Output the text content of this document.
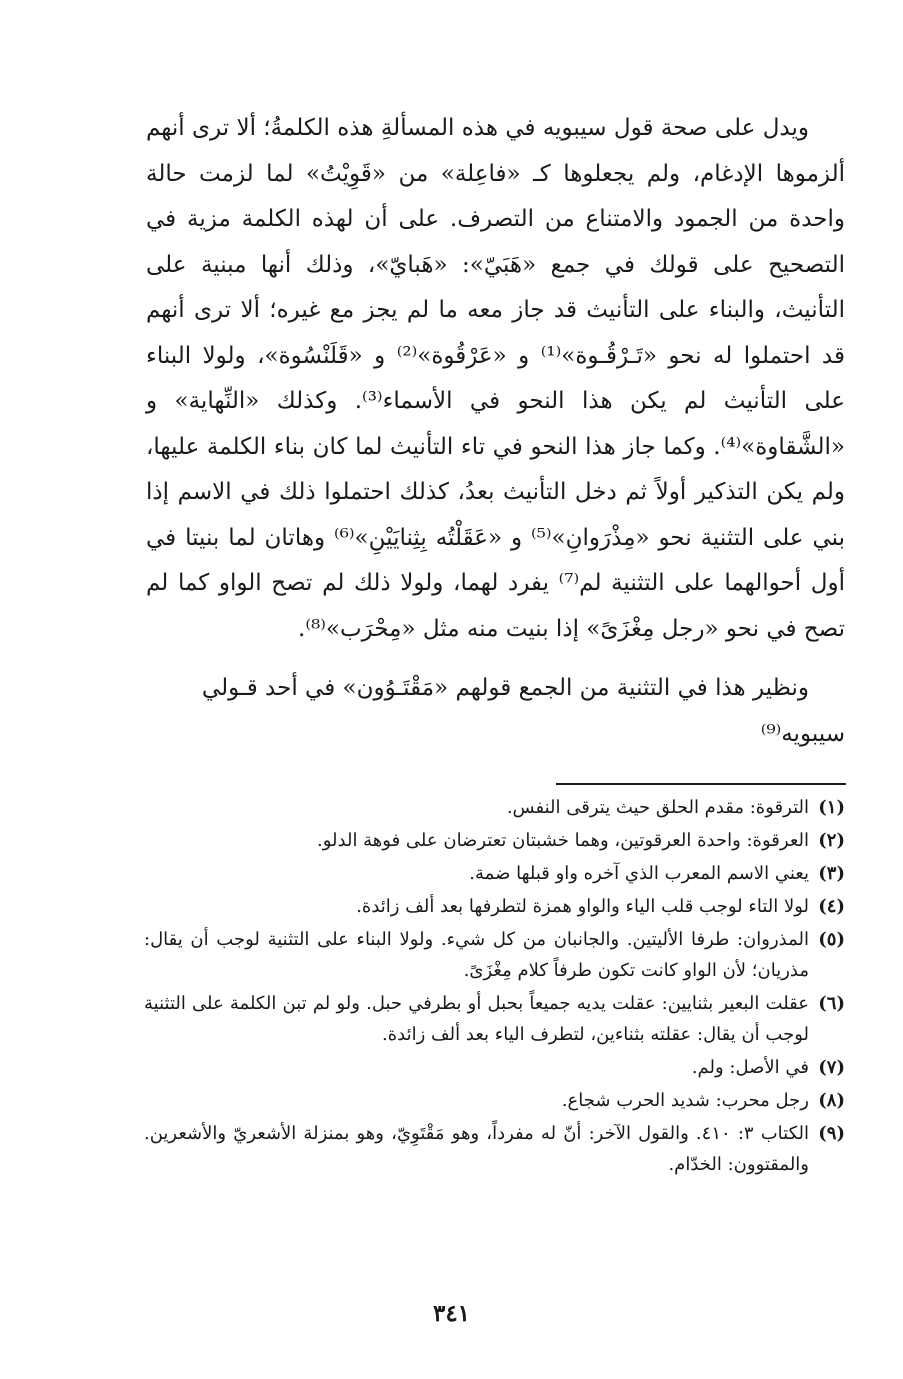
ويدل على صحة قول سيبويه في هذه المسألةِ هذه الكلمةُ؛ ألا ترى أنهم ألزموها الإدغام، ولم يجعلوها كـ «فاعِلة» من «قَوِيْتُ» لما لزمت حالة واحدة من الجمود والامتناع من التصرف. على أن لهذه الكلمة مزية في التصحيح على قولك في جمع «هَبَيّ»: «هَبايّ»، وذلك أنها مبنية على التأنيث، والبناء على التأنيث قد جاز معه ما لم يجز مع غيره؛ ألا ترى أنهم قد احتملوا له نحو «تَـرْقُـوة»⁽¹⁾ و «عَرْقُوة»⁽²⁾ و «قَلَنْسُوة»، ولولا البناء على التأنيث لم يكن هذا النحو في الأسماء⁽³⁾. وكذلك «النِّهاية» و «الشَّقاوة»⁽⁴⁾. وكما جاز هذا النحو في تاء التأنيث لما كان بناء الكلمة عليها، ولم يكن التذكير أولاً ثم دخل التأنيث بعدُ، كذلك احتملوا ذلك في الاسم إذا بني على التثنية نحو «مِذْرَوانِ»⁽⁵⁾ و «عَقَلْتُه بِثِنايَيْنِ»⁽⁶⁾ وهاتان لما بنيتا في أول أحوالهما على التثنية لم⁽⁷⁾ يفرد لهما، ولولا ذلك لم تصح الواو كما لم تصح في نحو «رجل مِغْزَىً» إذا بنيت منه مثل «مِحْرَب»⁽⁸⁾.

ونظير هذا في التثنية من الجمع قولهم «مَقْتَـوُون» في أحد قـولي سيبويه⁽⁹⁾

(١)
الترقوة: مقدم الحلق حيث يترقى النفس.
(٢)
العرقوة: واحدة العرقوتين، وهما خشبتان تعترضان على فوهة الدلو.
(٣)
يعني الاسم المعرب الذي آخره واو قبلها ضمة.
(٤)
لولا التاء لوجب قلب الياء والواو همزة لتطرفها بعد ألف زائدة.
(٥)
المذروان: طرفا الأليتين. والجانبان من كل شيء. ولولا البناء على التثنية لوجب أن يقال: مذريان؛ لأن الواو كانت تكون طرفاً كلام مِغْزَىً.
(٦)
عقلت البعير بثنايين: عقلت يديه جميعاً بحبل أو بطرفي حبل. ولو لم تبن الكلمة على التثنية لوجب أن يقال: عقلته بثناءين، لتطرف الياء بعد ألف زائدة.
(٧)
في الأصل: ولم.
(٨)
رجل محرب: شديد الحرب شجاع.
(٩)
الكتاب ٣: ٤١٠. والقول الآخر: أنّ له مفرداً، وهو مَقْتَوِيّ، وهو بمنزلة الأشعريّ والأشعرين. والمقتوون: الخدّام.
٣٤١
